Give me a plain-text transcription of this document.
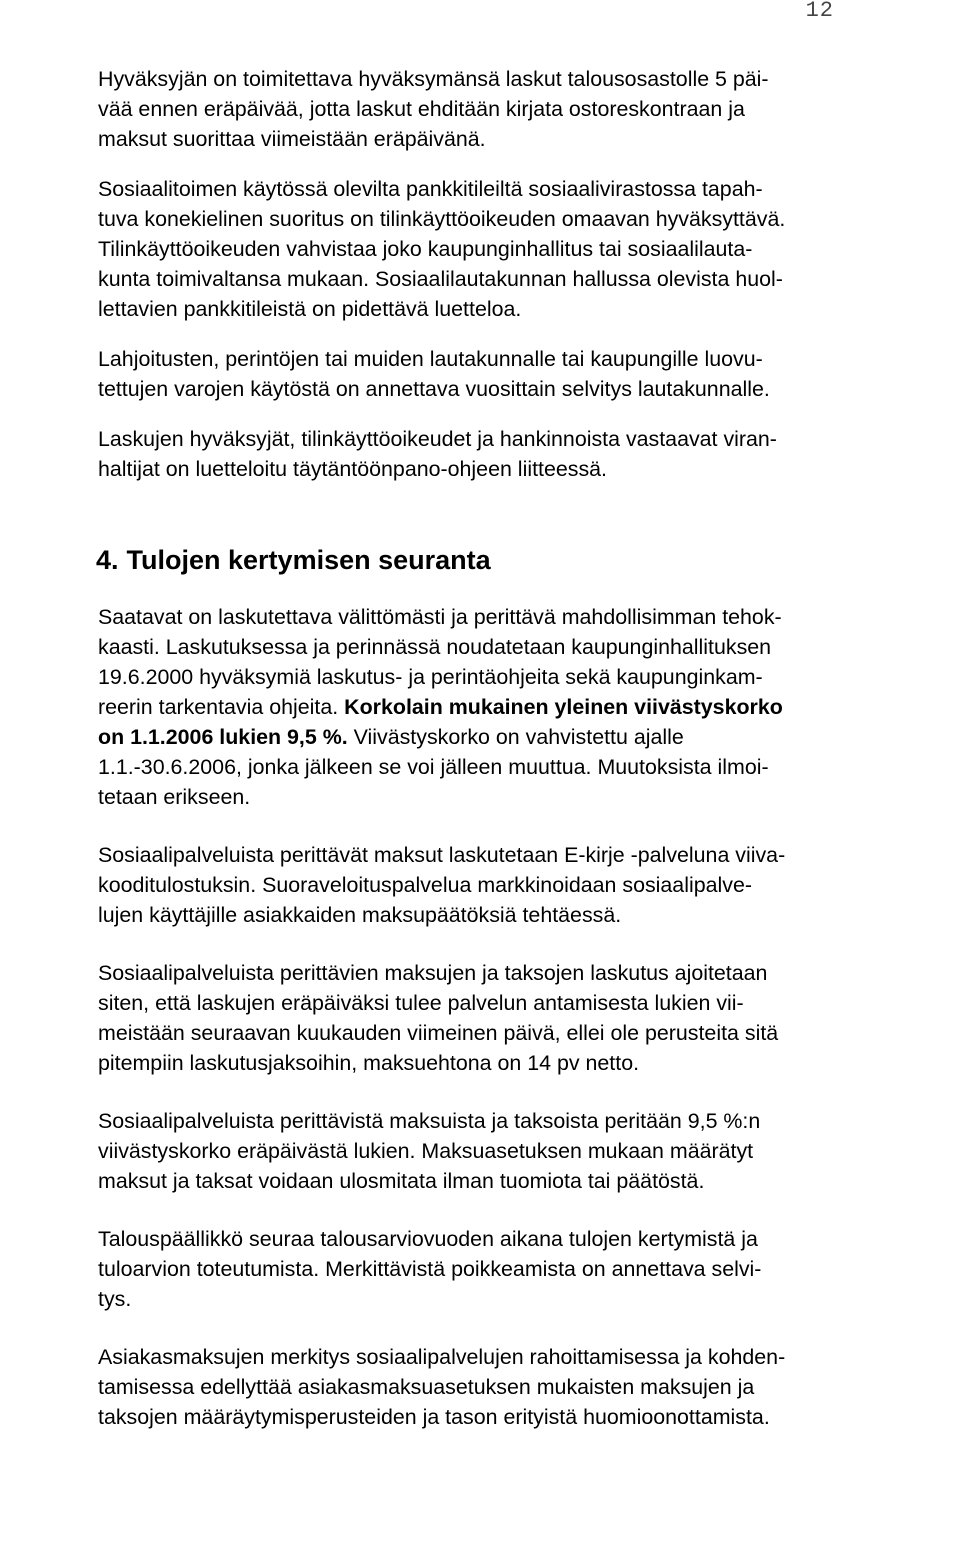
12

Hyväksyjän on toimitettava hyväksymänsä laskut talousosastolle 5 päi-
vää ennen eräpäivää, jotta laskut ehditään kirjata ostoreskontraan ja
maksut suorittaa viimeistään eräpäivänä.

Sosiaalitoimen käytössä olevilta pankkitileiltä sosiaalivirastossa tapah-
tuva konekielinen suoritus on tilinkäyttöoikeuden omaavan hyväksyttävä.
Tilinkäyttöoikeuden vahvistaa joko kaupunginhallitus tai sosiaalilauta-
kunta toimivaltansa mukaan. Sosiaalilautakunnan hallussa olevista huol-
lettavien pankkitileistä on pidettävä luetteloa.

Lahjoitusten, perintöjen tai muiden lautakunnalle tai kaupungille luovu-
tettujen varojen käytöstä on annettava vuosittain selvitys lautakunnalle.

Laskujen hyväksyjät, tilinkäyttöoikeudet ja hankinnoista vastaavat viran-
haltijat on luetteloitu täytäntöönpano-ohjeen liitteessä.

4. Tulojen kertymisen seuranta

Saatavat on laskutettava välittömästi ja perittävä mahdollisimman tehok-
kaasti. Laskutuksessa ja perinnässä noudatetaan kaupunginhallituksen
19.6.2000 hyväksymiä laskutus- ja perintäohjeita sekä kaupunginkam-
reerin tarkentavia ohjeita. Korkolain mukainen yleinen viivästyskorko
on 1.1.2006 lukien 9,5 %. Viivästyskorko on vahvistettu ajalle
1.1.-30.6.2006, jonka jälkeen se voi jälleen muuttua. Muutoksista ilmoi-
tetaan erikseen.

Sosiaalipalveluista perittävät maksut laskutetaan E-kirje -palveluna viiva-
kooditulostuksin. Suoraveloituspalvelua markkinoidaan sosiaalipalve-
lujen käyttäjille asiakkaiden maksupäätöksiä tehtäessä.

Sosiaalipalveluista perittävien maksujen ja taksojen laskutus ajoitetaan
siten, että laskujen eräpäiväksi tulee palvelun antamisesta lukien vii-
meistään seuraavan kuukauden viimeinen päivä, ellei ole perusteita sitä
pitempiin laskutusjaksoihin, maksuehtona on 14 pv netto.

Sosiaalipalveluista perittävistä maksuista ja taksoista peritään 9,5 %:n
viivästyskorko eräpäivästä lukien. Maksuasetuksen mukaan määrätyt
maksut ja taksat voidaan ulosmitata ilman tuomiota tai päätöstä.

Talouspäällikkö seuraa talousarviovuoden aikana tulojen kertymistä ja
tuloarvion toteutumista. Merkittävistä poikkeamista on annettava selvi-
tys.

Asiakasmaksujen merkitys sosiaalipalvelujen rahoittamisessa ja kohden-
tamisessa edellyttää asiakasmaksuasetuksen mukaisten maksujen ja
taksojen määräytymisperusteiden ja tason erityistä huomioonottamista.
